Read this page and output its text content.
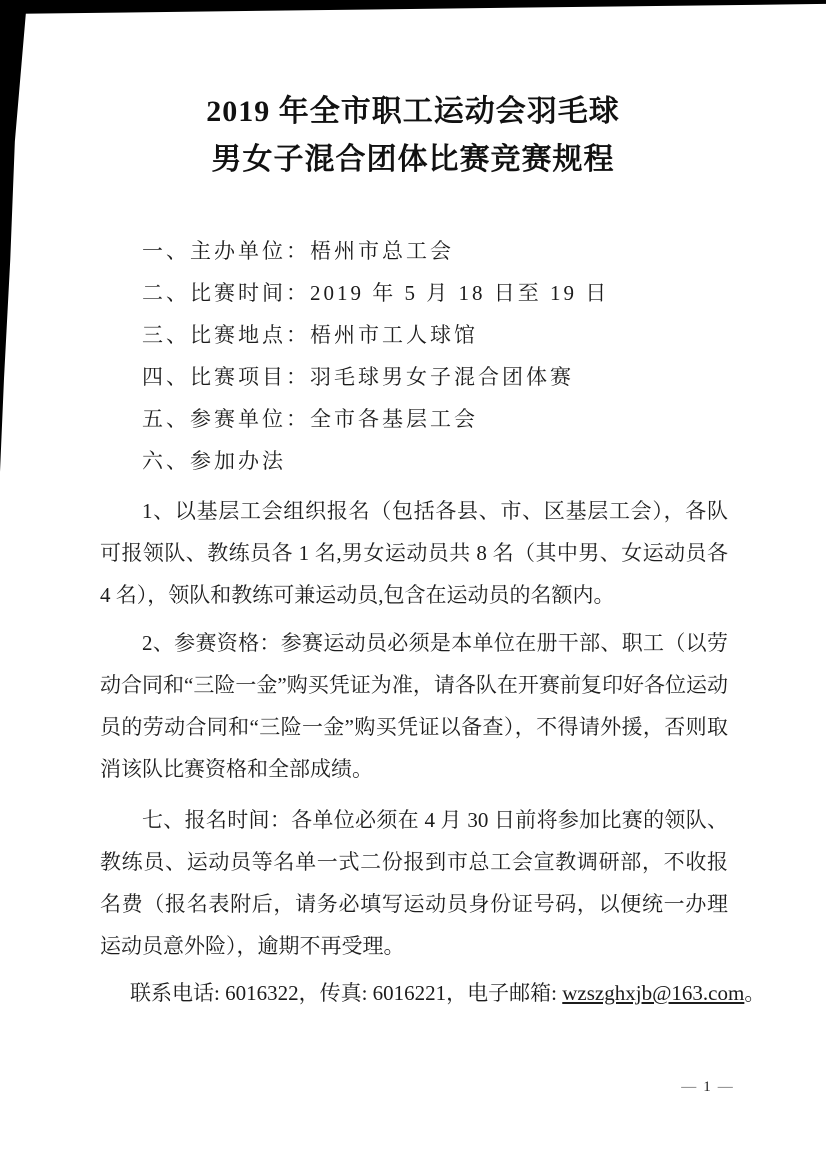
2019 年全市职工运动会羽毛球
男女子混合团体比赛竞赛规程
一、主办单位：梧州市总工会
二、比赛时间：2019 年 5 月 18 日至 19 日
三、比赛地点：梧州市工人球馆
四、比赛项目：羽毛球男女子混合团体赛
五、参赛单位：全市各基层工会
六、参加办法

1、以基层工会组织报名（包括各县、市、区基层工会），各队可报领队、教练员各 1 名,男女运动员共 8 名（其中男、女运动员各 4 名），领队和教练可兼运动员,包含在运动员的名额内。

2、参赛资格：参赛运动员必须是本单位在册干部、职工（以劳动合同和“三险一金”购买凭证为准，请各队在开赛前复印好各位运动员的劳动合同和“三险一金”购买凭证以备查），不得请外援，否则取消该队比赛资格和全部成绩。

七、报名时间：各单位必须在 4 月 30 日前将参加比赛的领队、教练员、运动员等名单一式二份报到市总工会宣教调研部，不收报名费（报名表附后，请务必填写运动员身份证号码，以便统一办理运动员意外险），逾期不再受理。

联系电话: 6016322，传真: 6016221，电子邮箱: wzszghxjb@163.com。

— 1 —
